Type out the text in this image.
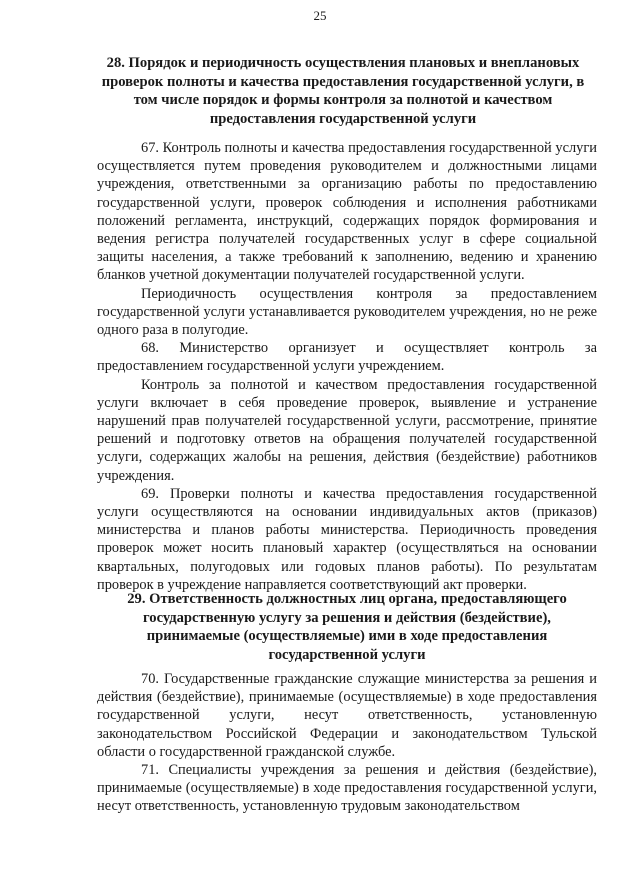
25
28. Порядок и периодичность осуществления плановых и внеплановых проверок полноты и качества предоставления государственной услуги, в том числе порядок и формы контроля за полнотой и качеством предоставления государственной услуги

67. Контроль полноты и качества предоставления государственной услуги осуществляется путем проведения руководителем и должностными лицами учреждения, ответственными за организацию работы по предоставлению государственной услуги, проверок соблюдения и исполнения работниками положений регламента, инструкций, содержащих порядок формирования и ведения регистра получателей государственных услуг в сфере социальной защиты населения, а также требований к заполнению, ведению и хранению бланков учетной документации получателей государственной услуги.

Периодичность осуществления контроля за предоставлением государственной услуги устанавливается руководителем учреждения, но не реже одного раза в полугодие.

68. Министерство организует и осуществляет контроль за предоставлением государственной услуги учреждением.

Контроль за полнотой и качеством предоставления государственной услуги включает в себя проведение проверок, выявление и устранение нарушений прав получателей государственной услуги, рассмотрение, принятие решений и подготовку ответов на обращения получателей государственной услуги, содержащих жалобы на решения, действия (бездействие) работников учреждения.

69. Проверки полноты и качества предоставления государственной услуги осуществляются на основании индивидуальных актов (приказов) министерства и планов работы министерства. Периодичность проведения проверок может носить плановый характер (осуществляться на основании квартальных, полугодовых или годовых планов работы). По результатам проверок в учреждение направляется соответствующий акт проверки.

29. Ответственность должностных лиц органа, предоставляющего государственную услугу за решения и действия (бездействие), принимаемые (осуществляемые) ими в ходе предоставления государственной услуги

70. Государственные гражданские служащие министерства за решения и действия (бездействие), принимаемые (осуществляемые) в ходе предоставления государственной услуги, несут ответственность, установленную законодательством Российской Федерации и законодательством Тульской области о государственной гражданской службе.

71. Специалисты учреждения за решения и действия (бездействие), принимаемые (осуществляемые) в ходе предоставления государственной услуги, несут ответственность, установленную трудовым законодательством
